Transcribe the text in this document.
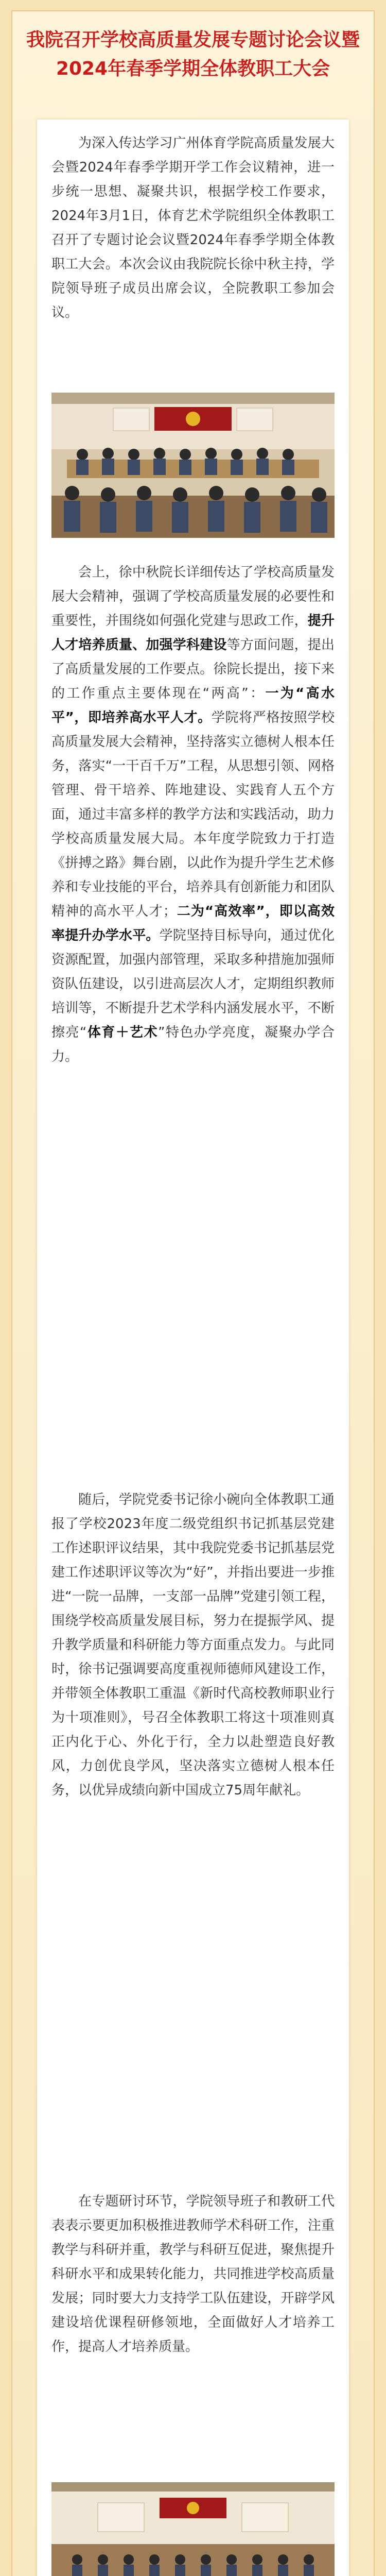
我院召开学校高质量发展专题讨论会议暨2024年春季学期全体教职工大会

为深入传达学习广州体育学院高质量发展大会暨2024年春季学期开学工作会议精神，进一步统一思想、凝聚共识，根据学校工作要求，2024年3月1日，体育艺术学院组织全体教职工召开了专题讨论会议暨2024年春季学期全体教职工大会。本次会议由我院院长徐中秋主持，学院领导班子成员出席会议，全院教职工参加会议。

会上，徐中秋院长详细传达了学校高质量发展大会精神，强调了学校高质量发展的必要性和重要性，并围绕如何强化党建与思政工作，提升人才培养质量、加强学科建设等方面问题，提出了高质量发展的工作要点。徐院长提出，接下来的工作重点主要体现在“两高”：一为“高水平”，即培养高水平人才。学院将严格按照学校高质量发展大会精神，坚持落实立德树人根本任务，落实“一干百千万”工程，从思想引领、网格管理、骨干培养、阵地建设、实践育人五个方面，通过丰富多样的教学方法和实践活动，助力学校高质量发展大局。本年度学院致力于打造《拼搏之路》舞台剧，以此作为提升学生艺术修养和专业技能的平台，培养具有创新能力和团队精神的高水平人才；二为“高效率”，即以高效率提升办学水平。学院坚持目标导向，通过优化资源配置，加强内部管理，采取多种措施加强师资队伍建设，以引进高层次人才，定期组织教师培训等，不断提升艺术学科内涵发展水平，不断擦亮“体育＋艺术”特色办学亮度，凝聚办学合力。

随后，学院党委书记徐小碗向全体教职工通报了学校2023年度二级党组织书记抓基层党建工作述职评议结果，其中我院党委书记抓基层党建工作述职评议等次为“好”，并指出要进一步推进“一院一品牌，一支部一品牌”党建引领工程，围绕学校高质量发展目标，努力在提振学风、提升教学质量和科研能力等方面重点发力。与此同时，徐书记强调要高度重视师德师风建设工作，并带领全体教职工重温《新时代高校教师职业行为十项准则》，号召全体教职工将这十项准则真正内化于心、外化于行，全力以赴塑造良好教风，力创优良学风，坚决落实立德树人根本任务，以优异成绩向新中国成立75周年献礼。

在专题研讨环节，学院领导班子和教研工代表表示要更加积极推进教师学术科研工作，注重教学与科研并重，教学与科研互促进，聚焦提升科研水平和成果转化能力，共同推进学校高质量发展；同时要大力支持学工队伍建设，开辟学风建设培优课程研修领地，全面做好人才培养工作，提高人才培养质量。
